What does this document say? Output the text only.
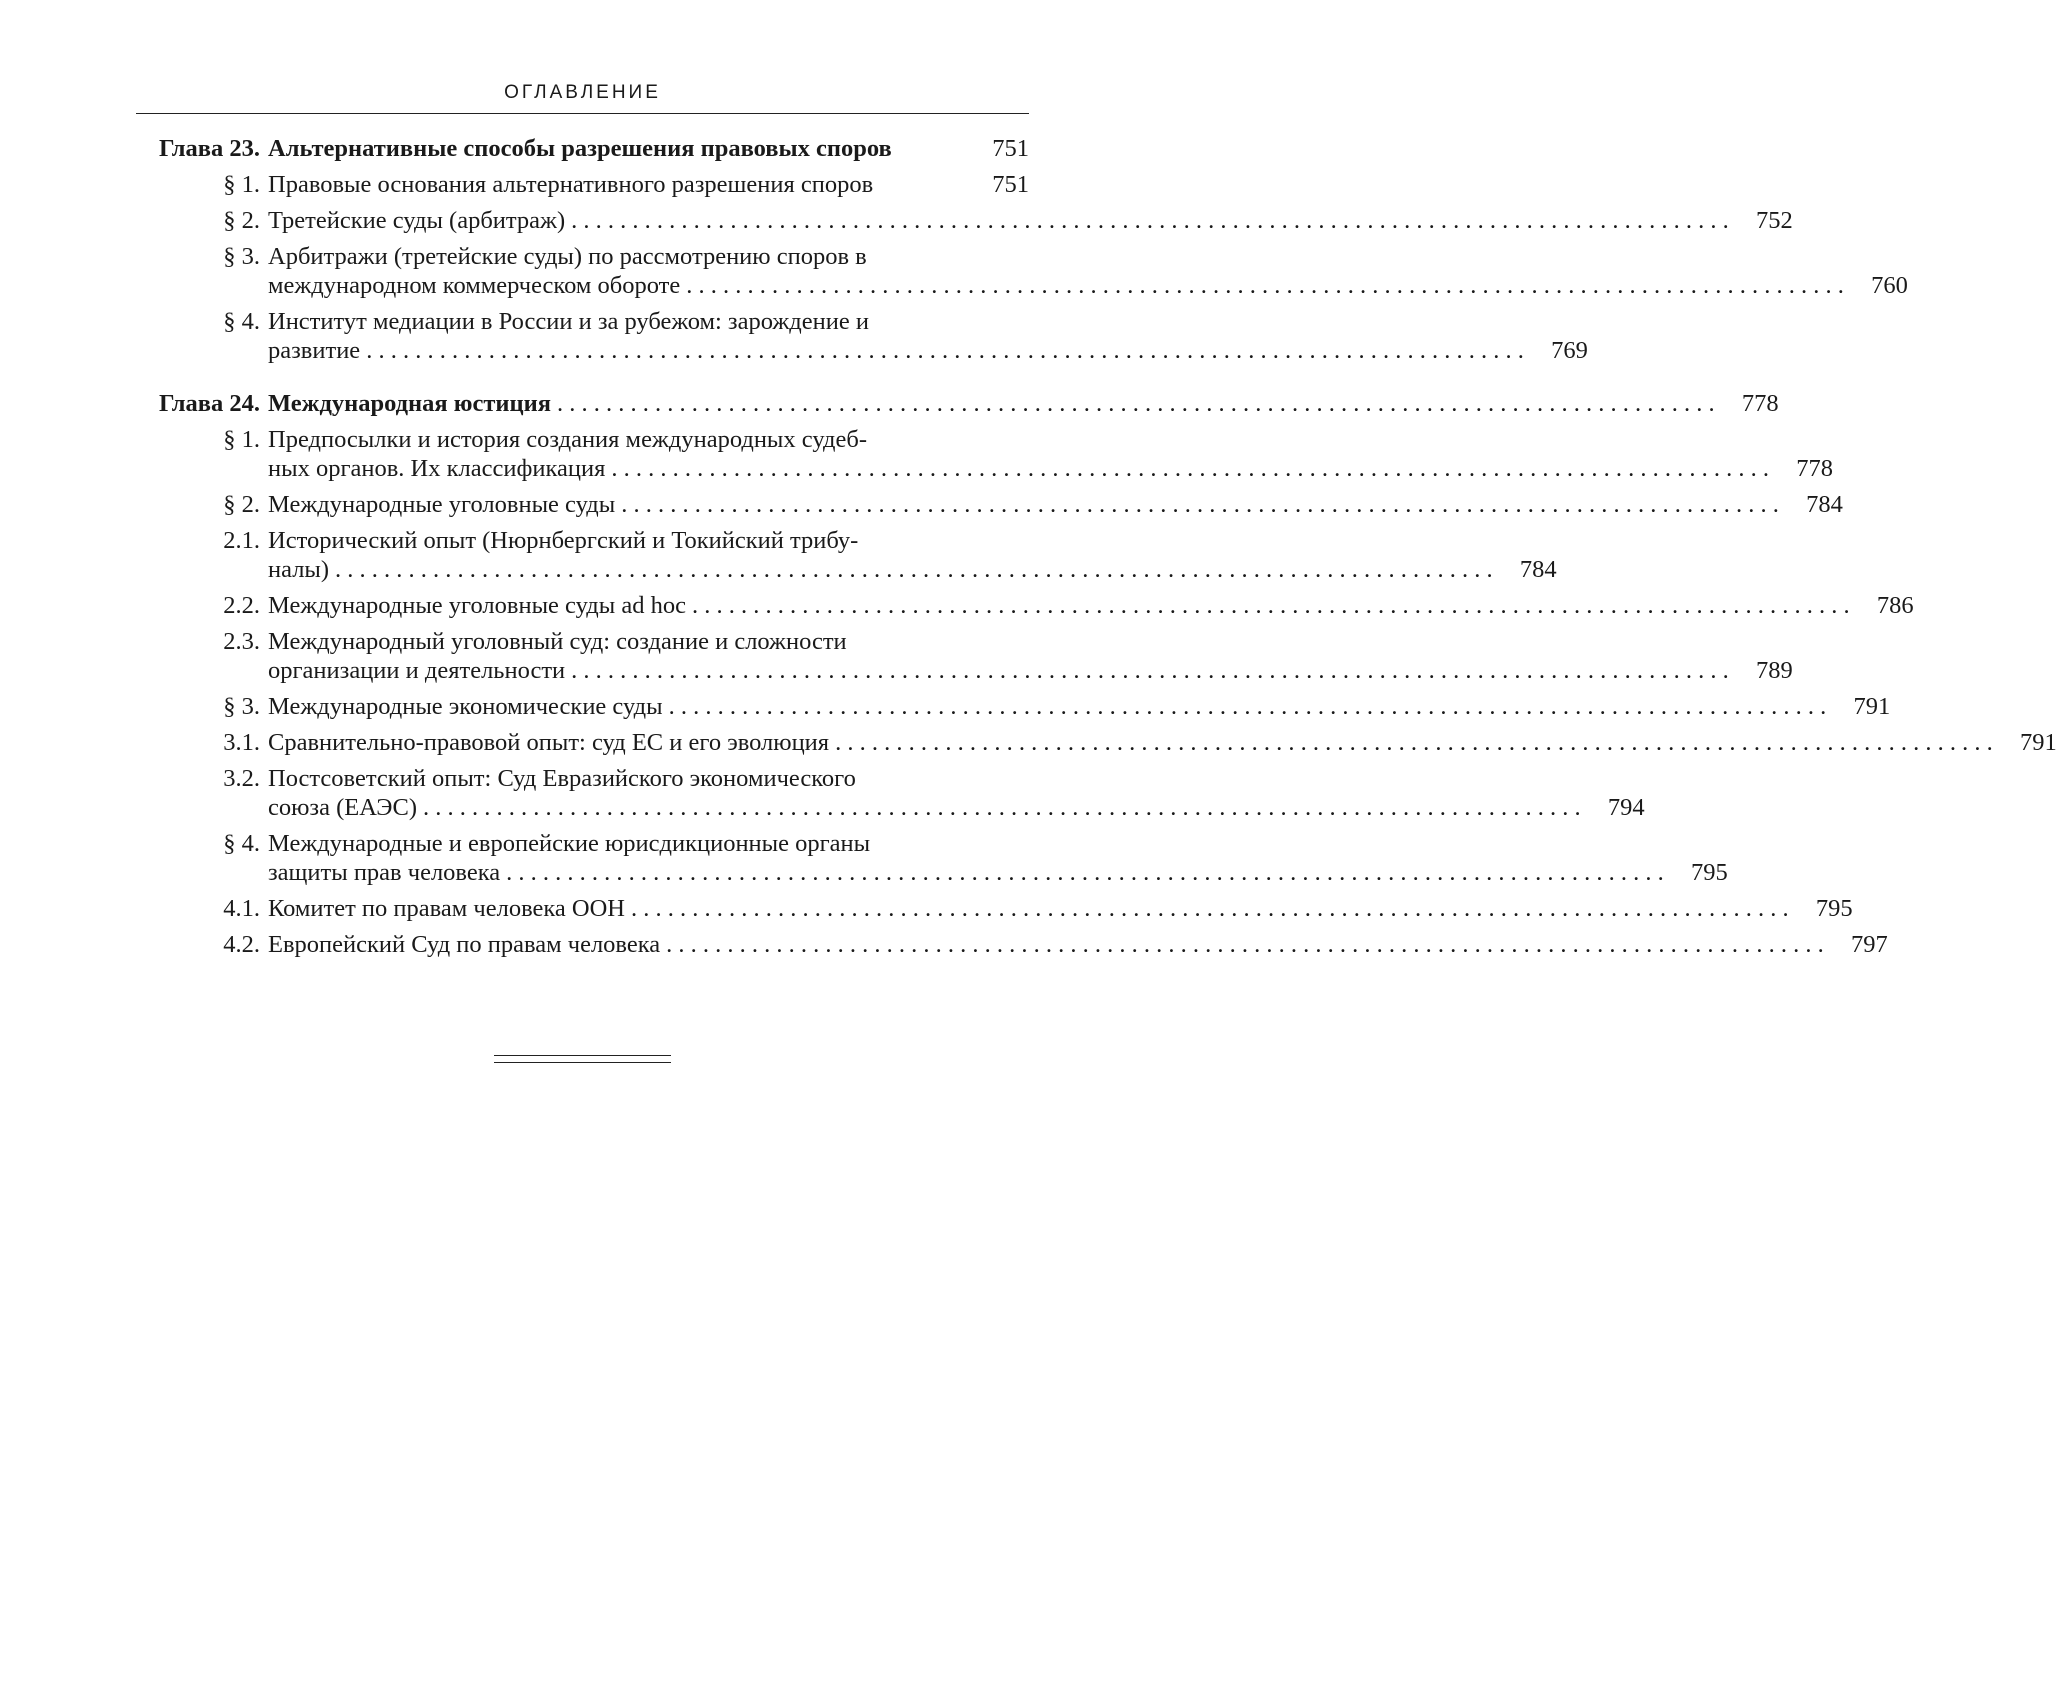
ОГЛАВЛЕНИЕ
Глава 23. Альтернативные способы разрешения правовых споров	751
§ 1. Правовые основания альтернативного разрешения споров	751
§ 2. Третейские суды (арбитраж) . . .	752
§ 3. Арбитражи (третейские суды) по рассмотрению споров в
международном коммерческом обороте . . .	760
§ 4. Институт медиации в России и за рубежом: зарождение и
развитие . . .	769
Глава 24. Международная юстиция . . .	778
§ 1. Предпосылки и история создания международных судеб-
ных органов. Их классификация . . .	778
§ 2. Международные уголовные суды . . .	784
2.1. Исторический опыт (Нюрнбергский и Токийский трибу-
налы) . . .	784
2.2. Международные уголовные суды ad hoc . . .	786
2.3. Международный уголовный суд: создание и сложности
организации и деятельности . . .	789
§ 3. Международные экономические суды . . .	791
3.1. Сравнительно-правовой опыт: суд ЕС и его эволюция . . .	791
3.2. Постсоветский опыт: Суд Евразийского экономического
союза (ЕАЭС) . . .	794
§ 4. Международные и европейские юрисдикционные органы
защиты прав человека . . .	795
4.1. Комитет по правам человека ООН . . .	795
4.2. Европейский Суд по правам человека . . .	797
